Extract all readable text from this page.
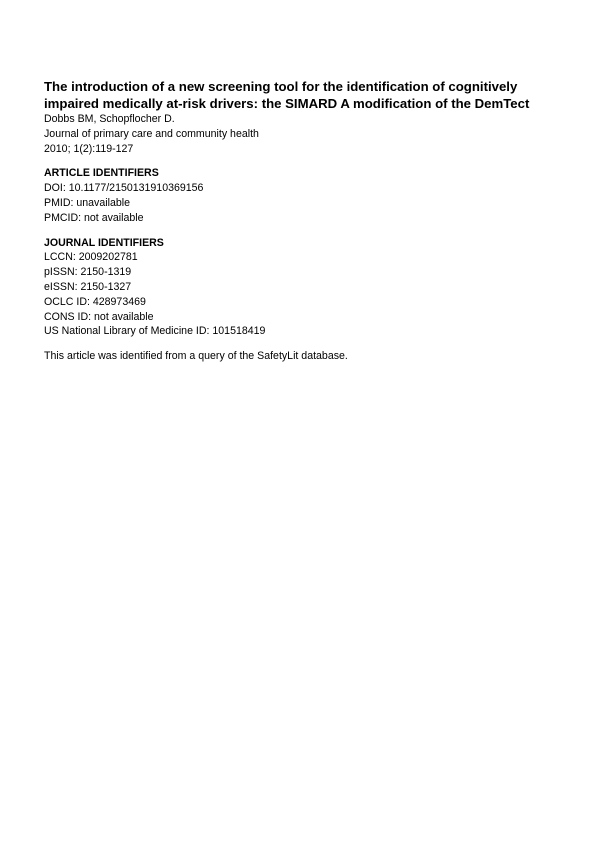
The introduction of a new screening tool for the identification of cognitively impaired medically at-risk drivers: the SIMARD A modification of the DemTect

Dobbs BM, Schopflocher D.

Journal of primary care and community health

2010; 1(2):119-127

ARTICLE IDENTIFIERS

DOI: 10.1177/2150131910369156

PMID: unavailable

PMCID: not available

JOURNAL IDENTIFIERS

LCCN: 2009202781

pISSN: 2150-1319

eISSN: 2150-1327

OCLC ID: 428973469

CONS ID: not available

US National Library of Medicine ID: 101518419

This article was identified from a query of the SafetyLit database.
